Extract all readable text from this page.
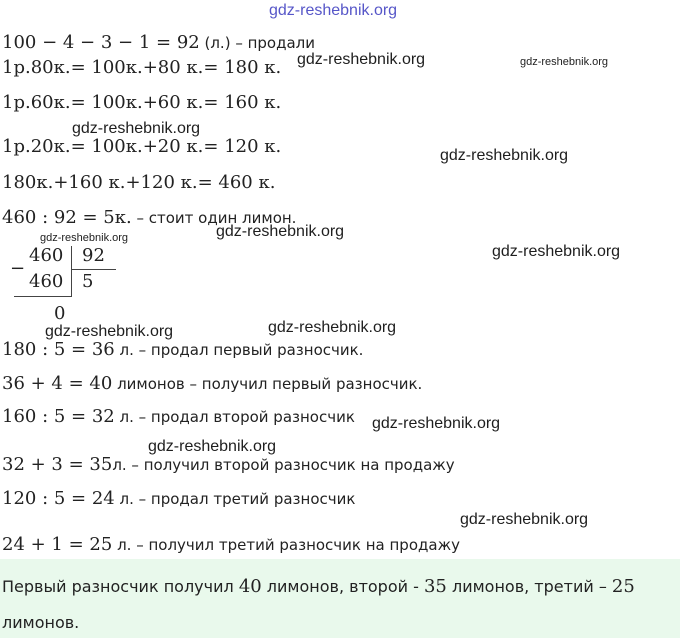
gdz-reshebnik.org
gdz-reshebnik.org	gdz-reshebnik.org
gdz-reshebnik.org
gdz-reshebnik.org
gdz-reshebnik.org	gdz-reshebnik.org
gdz-reshebnik.org
gdz-reshebnik.org	gdz-reshebnik.org
gdz-reshebnik.org
gdz-reshebnik.org
gdz-reshebnik.org
100 − 4 − 3 − 1 = 92 (л.) – продали
1р.80к.= 100к.+80 к.= 180 к.
1р.60к.= 100к.+60 к.= 160 к.
1р.20к.= 100к.+20 к.= 120 к.
180к.+160 к.+120 к.= 460 к.
460 : 92 = 5к. – стоит один лимон.
−
460 92
460 5
0
180 : 5 = 36 л. – продал первый разносчик.
36 + 4 = 40 лимонов – получил первый разносчик.
160 : 5 = 32 л. – продал второй разносчик
32 + 3 = 35л. – получил второй разносчик на продажу
120 : 5 = 24 л. – продал третий разносчик
24 + 1 = 25 л. – получил третий разносчик на продажу
Первый разносчик получил 40 лимонов, второй - 35 лимонов, третий – 25
лимонов.
